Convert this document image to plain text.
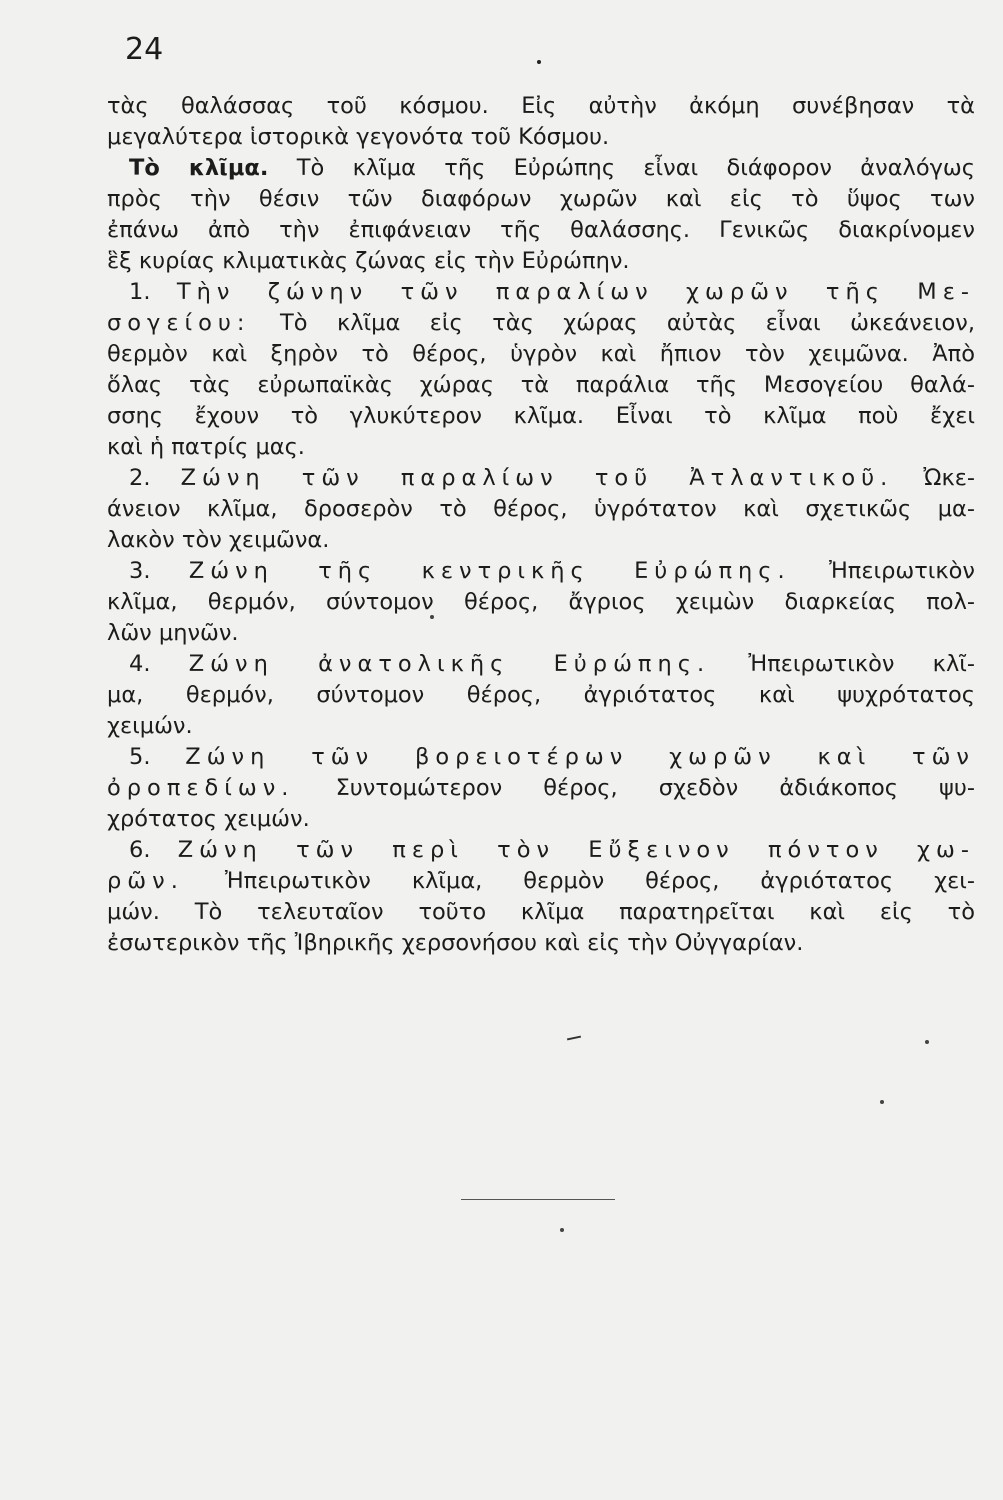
24
τὰς θαλάσσας τοῦ κόσμου. Εἰς αὐτὴν ἀκόμη συνέβησαν τὰ
μεγαλύτερα ἱστορικὰ γεγονότα τοῦ Κόσμου.
Τὸ κλῖμα. Τὸ κλῖμα τῆς Εὐρώπης εἶναι διάφορον ἀναλόγως
πρὸς τὴν θέσιν τῶν διαφόρων χωρῶν καὶ εἰς τὸ ὕψος των
ἐπάνω ἀπὸ τὴν ἐπιφάνειαν τῆς θαλάσσης. Γενικῶς διακρίνομεν
ἓξ κυρίας κλιματικὰς ζώνας εἰς τὴν Εὐρώπην.
1. Τὴν ζώνην τῶν παραλίων χωρῶν τῆς Με-
σογείου: Τὸ κλῖμα εἰς τὰς χώρας αὐτὰς εἶναι ὠκεάνειον,
θερμὸν καὶ ξηρὸν τὸ θέρος, ὑγρὸν καὶ ἤπιον τὸν χειμῶνα. Ἀπὸ
ὅλας τὰς εὐρωπαϊκὰς χώρας τὰ παράλια τῆς Μεσογείου θαλά-
σσης ἔχουν τὸ γλυκύτερον κλῖμα. Εἶναι τὸ κλῖμα ποὺ ἔχει
καὶ ἡ πατρίς μας.
2. Ζώνη τῶν παραλίων τοῦ Ἀτλαντικοῦ. Ὠκε-
άνειον κλῖμα, δροσερὸν τὸ θέρος, ὑγρότατον καὶ σχετικῶς μα-
λακὸν τὸν χειμῶνα.
3. Ζώνη τῆς κεντρικῆς Εὐρώπης. Ἠπειρωτικὸν
κλῖμα, θερμόν, σύντομον θέρος, ἄγριος χειμὼν διαρκείας πολ-
λῶν μηνῶν.
4. Ζώνη ἀνατολικῆς Εὐρώπης. Ἠπειρωτικὸν κλῖ-
μα, θερμόν, σύντομον θέρος, ἀγριότατος καὶ ψυχρότατος
χειμών.
5. Ζώνη τῶν βορειοτέρων χωρῶν καὶ τῶν
ὀροπεδίων. Συντομώτερον θέρος, σχεδὸν ἀδιάκοπος ψυ-
χρότατος χειμών.
6. Ζώνη τῶν περὶ τὸν Εὔξεινον πόντον χω-
ρῶν. Ἠπειρωτικὸν κλῖμα, θερμὸν θέρος, ἀγριότατος χει-
μών. Τὸ τελευταῖον τοῦτο κλῖμα παρατηρεῖται καὶ εἰς τὸ
ἐσωτερικὸν τῆς Ἰβηρικῆς χερσονήσου καὶ εἰς τὴν Οὐγγαρίαν.
